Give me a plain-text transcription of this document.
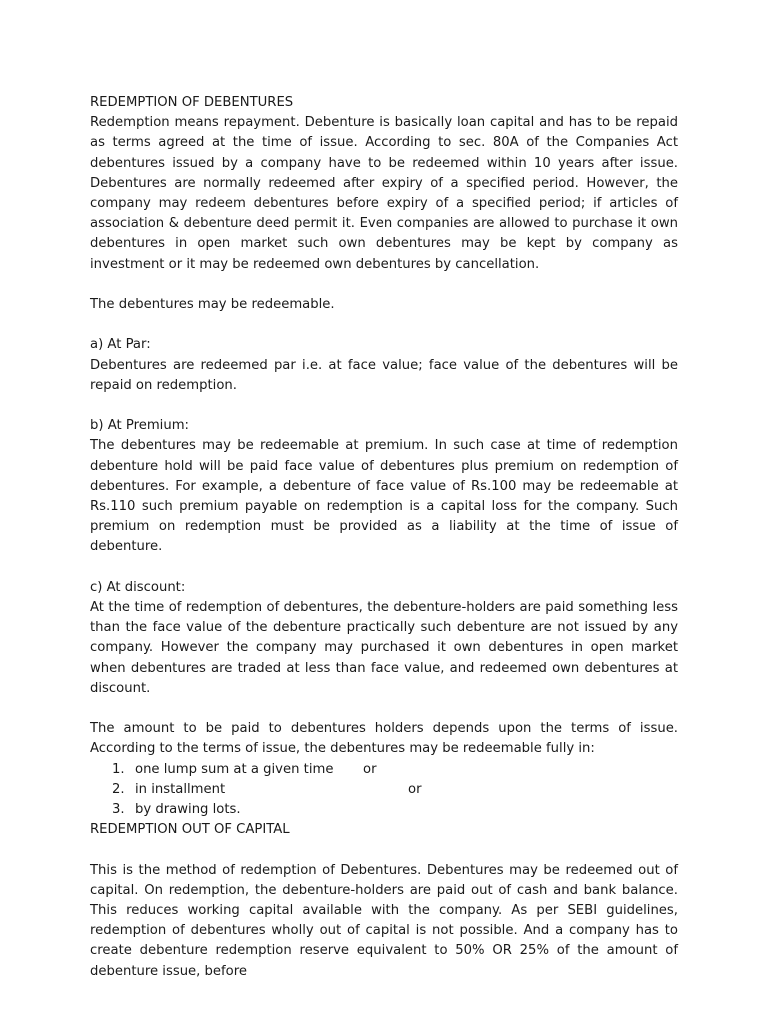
REDEMPTION OF DEBENTURES

Redemption means repayment. Debenture is basically loan capital and has to be repaid as terms agreed at the time of issue. According to sec. 80A of the Companies Act debentures issued by a company have to be redeemed within 10 years after issue. Debentures are normally redeemed after expiry of a specified period. However, the company may redeem debentures before expiry of a specified period; if articles of association & debenture deed permit it. Even companies are allowed to purchase it own debentures in open market such own debentures may be kept by company as investment or it may be redeemed own debentures by cancellation.

The debentures may be redeemable.

a) At Par:

Debentures are redeemed par i.e. at face value; face value of the debentures will be repaid on redemption.

b) At Premium:

The debentures may be redeemable at premium. In such case at time of redemption debenture hold will be paid face value of debentures plus premium on redemption of debentures. For example, a debenture of face value of Rs.100 may be redeemable at Rs.110 such premium payable on redemption is a capital loss for the company. Such premium on redemption must be provided as a liability at the time of issue of debenture.

c) At discount:

At the time of redemption of debentures, the debenture-holders are paid something less than the face value of the debenture practically such debenture are not issued by any company. However the company may purchased it own debentures in open market when debentures are traded at less than face value, and redeemed own debentures at discount.

The amount to be paid to debentures holders depends upon the terms of issue. According to the terms of issue, the debentures may be redeemable fully in:

1. one lump sum at a given time or
2. in installment	or
3. by drawing lots.

REDEMPTION OUT OF CAPITAL

This is the method of redemption of Debentures. Debentures may be redeemed out of capital. On redemption, the debenture-holders are paid out of cash and bank balance. This reduces working capital available with the company. As per SEBI guidelines, redemption of debentures wholly out of capital is not possible. And a company has to create debenture redemption reserve equivalent to 50% OR 25% of the amount of debenture issue, before
